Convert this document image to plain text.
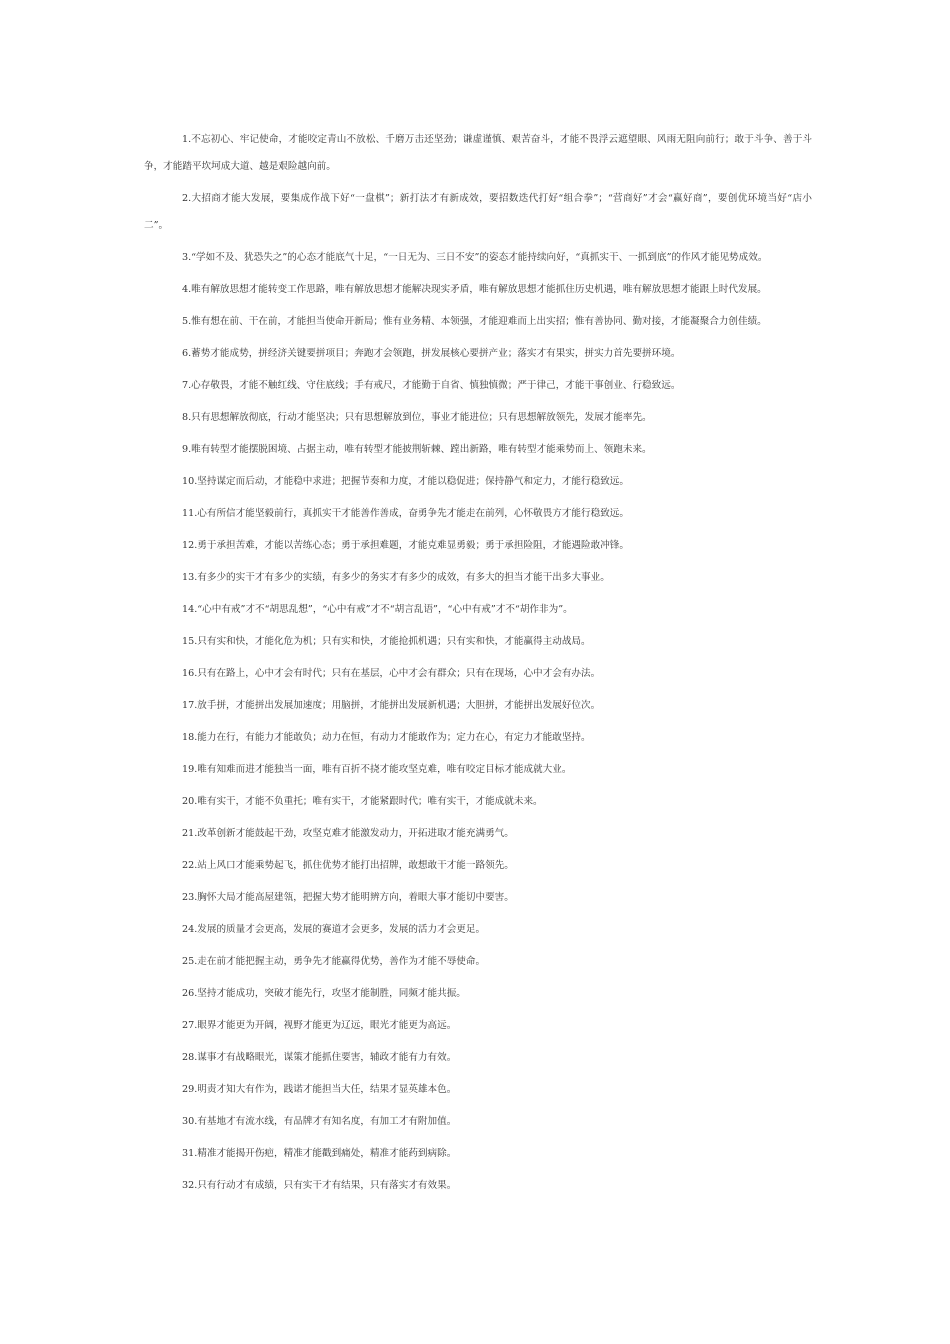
1.不忘初心、牢记使命，才能咬定青山不放松、千磨万击还坚劲；谦虚谨慎、艰苦奋斗，才能不畏浮云遮望眼、风雨无阻向前行；敢于斗争、善于斗争，才能踏平坎坷成大道、越是艰险越向前。

2.大招商才能大发展，要集成作战下好“一盘棋”；新打法才有新成效，要招数迭代打好“组合拳”；“营商好”才会“赢好商”，要创优环境当好“店小二”。

3.“学如不及、犹恐失之”的心态才能底气十足，“一日无为、三日不安”的姿态才能持续向好，“真抓实干、一抓到底”的作风才能见势成效。

4.唯有解放思想才能转变工作思路，唯有解放思想才能解决现实矛盾，唯有解放思想才能抓住历史机遇，唯有解放思想才能跟上时代发展。

5.惟有想在前、干在前，才能担当使命开新局；惟有业务精、本领强，才能迎难而上出实招；惟有善协同、勤对接，才能凝聚合力创佳绩。

6.蓄势才能成势，拼经济关键要拼项目；奔跑才会领跑，拼发展核心要拼产业；落实才有果实，拼实力首先要拼环境。

7.心存敬畏，才能不触红线、守住底线；手有戒尺，才能勤于自省、慎独慎微；严于律己，才能干事创业、行稳致远。

8.只有思想解放彻底，行动才能坚决；只有思想解放到位，事业才能进位；只有思想解放领先，发展才能率先。

9.唯有转型才能摆脱困境、占据主动，唯有转型才能披荆斩棘、蹚出新路，唯有转型才能乘势而上、领跑未来。

10.坚持谋定而后动，才能稳中求进；把握节奏和力度，才能以稳促进；保持静气和定力，才能行稳致远。

11.心有所信才能坚毅前行，真抓实干才能善作善成，奋勇争先才能走在前列，心怀敬畏方才能行稳致远。

12.勇于承担苦难，才能以苦练心态；勇于承担难题，才能克难显勇毅；勇于承担险阻，才能遇险敢冲锋。

13.有多少的实干才有多少的实绩，有多少的务实才有多少的成效，有多大的担当才能干出多大事业。

14.“心中有戒”才不“胡思乱想”，“心中有戒”才不“胡言乱语”，“心中有戒”才不“胡作非为”。

15.只有实和快，才能化危为机；只有实和快，才能抢抓机遇；只有实和快，才能赢得主动战局。

16.只有在路上，心中才会有时代；只有在基层，心中才会有群众；只有在现场，心中才会有办法。

17.放手拼，才能拼出发展加速度；用脑拼，才能拼出发展新机遇；大胆拼，才能拼出发展好位次。

18.能力在行，有能力才能敢负；动力在恒，有动力才能敢作为；定力在心，有定力才能敢坚持。

19.唯有知难而进才能独当一面，唯有百折不挠才能攻坚克难，唯有咬定目标才能成就大业。

20.唯有实干，才能不负重托；唯有实干，才能紧跟时代；唯有实干，才能成就未来。

21.改革创新才能鼓起干劲，攻坚克难才能激发动力，开拓进取才能充满勇气。

22.站上风口才能乘势起飞，抓住优势才能打出招牌，敢想敢干才能一路领先。

23.胸怀大局才能高屋建瓴，把握大势才能明辨方向，着眼大事才能切中要害。

24.发展的质量才会更高，发展的赛道才会更多，发展的活力才会更足。

25.走在前才能把握主动，勇争先才能赢得优势，善作为才能不辱使命。

26.坚持才能成功，突破才能先行，攻坚才能制胜，同频才能共振。

27.眼界才能更为开阔，视野才能更为辽远，眼光才能更为高远。

28.谋事才有战略眼光，谋策才能抓住要害，辅政才能有力有效。

29.明责才知大有作为，践诺才能担当大任，结果才显英雄本色。

30.有基地才有流水线，有品牌才有知名度，有加工才有附加值。

31.精准才能揭开伤疤，精准才能戳到痛处，精准才能药到病除。

32.只有行动才有成绩，只有实干才有结果，只有落实才有效果。
